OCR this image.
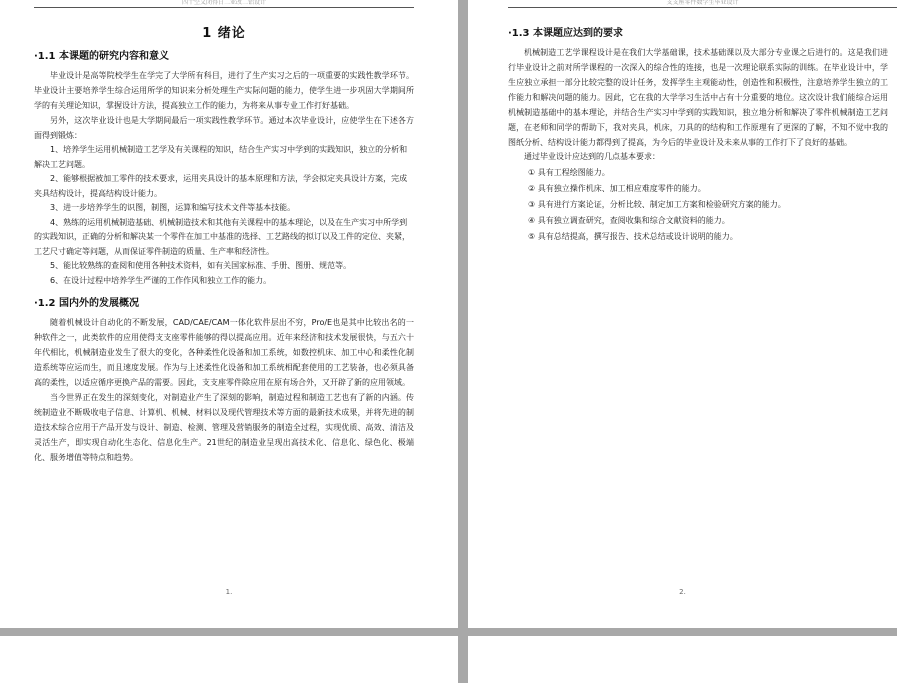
四十空义闭得日二业改二铝设计
1 绪论
·1.1 本课题的研究内容和意义

毕业设计是高等院校学生在学完了大学所有科目，进行了生产实习之后的一项重要的实践性教学环节。毕业设计主要培养学生综合运用所学的知识来分析处理生产实际问题的能力，使学生进一步巩固大学期间所学的有关理论知识，掌握设计方法，提高独立工作的能力，为将来从事专业工作打好基础。

另外，这次毕业设计也是大学期间最后一项实践性教学环节。通过本次毕业设计，应使学生在下述各方面得到锻炼：

1、培养学生运用机械制造工艺学及有关课程的知识，结合生产实习中学到的实践知识，独立的分析和解决工艺问题。

2、能够根据被加工零件的技术要求，运用夹具设计的基本原理和方法，学会拟定夹具设计方案，完成夹具结构设计，提高结构设计能力。

3、进一步培养学生的识图，制图，运算和编写技术文件等基本技能。

4、熟练的运用机械制造基础、机械制造技术和其他有关课程中的基本理论，以及在生产实习中所学到的实践知识，正确的分析和解决某一个零件在加工中基准的选择、工艺路线的拟订以及工件的定位、夹紧，工艺尺寸确定等问题，从而保证零件制造的质量、生产率和经济性。

5、能比较熟练的查阅和使用各种技术资料，如有关国家标准、手册、图册、规范等。

6、在设计过程中培养学生严谨的工作作风和独立工作的能力。

·1.2 国内外的发展概况

随着机械设计自动化的不断发展，CAD/CAE/CAM一体化软件层出不穷，Pro/E也是其中比较出名的一种软件之一，此类软件的应用使得支支座零件能够的得以提高应用。近年来经济和技术发展很快，与五六十年代相比，机械制造业发生了很大的变化，各种柔性化设备和加工系统，如数控机床、加工中心和柔性化制造系统等应运而生，而且速度发展。作为与上述柔性化设备和加工系统相配套使用的工艺装备，也必须具备高的柔性，以适应循序更换产品的需要。因此，支支座零件除应用在原有场合外，又开辟了新的应用领域。

当今世界正在发生的深刻变化，对制造业产生了深刻的影响，制造过程和制造工艺也有了新的内涵。传统制造业不断吸收电子信息、计算机、机械、材料以及现代管理技术等方面的最新技术成果，并将先进的制造技术综合应用于产品开发与设计、制造、检测、管理及营销服务的制造全过程，实现优质、高效、清洁及灵活生产，即实现自动化生态化、信息化生产。21世纪的制造业呈现出高技术化、信息化、绿色化、极端化、服务增值等特点和趋势。

1.
支支座零件数学生毕业设计
·1.3 本课题应达到的要求

机械制造工艺学课程设计是在我们大学基础课，技术基础课以及大部分专业课之后进行的。这是我们进行毕业设计之前对所学课程的一次深入的综合性的连接，也是一次理论联系实际的训练。在毕业设计中，学生应独立承担一部分比较完整的设计任务，发挥学生主观能动性，创造性和积极性，注意培养学生独立的工作能力和解决问题的能力。因此，它在我的大学学习生活中占有十分重要的地位。这次设计我们能综合运用机械制造基础中的基本理论，并结合生产实习中学到的实践知识，独立地分析和解决了零件机械制造工艺问题，在老师和同学的帮助下，我对夹具，机床，刀具的的结构和工作原理有了更深的了解，不知不觉中我的图纸分析、结构设计能力都得到了提高，为今后的毕业设计及未来从事的工作打下了良好的基础。

通过毕业设计应达到的几点基本要求：

① 具有工程绘图能力。

② 具有独立操作机床、加工相应难度零件的能力。

③ 具有进行方案论证，分析比较、制定加工方案和检验研究方案的能力。

④ 具有独立调查研究，查阅收集和综合文献资料的能力。

⑤ 具有总结提高，撰写报告、技术总结或设计说明的能力。

2.
